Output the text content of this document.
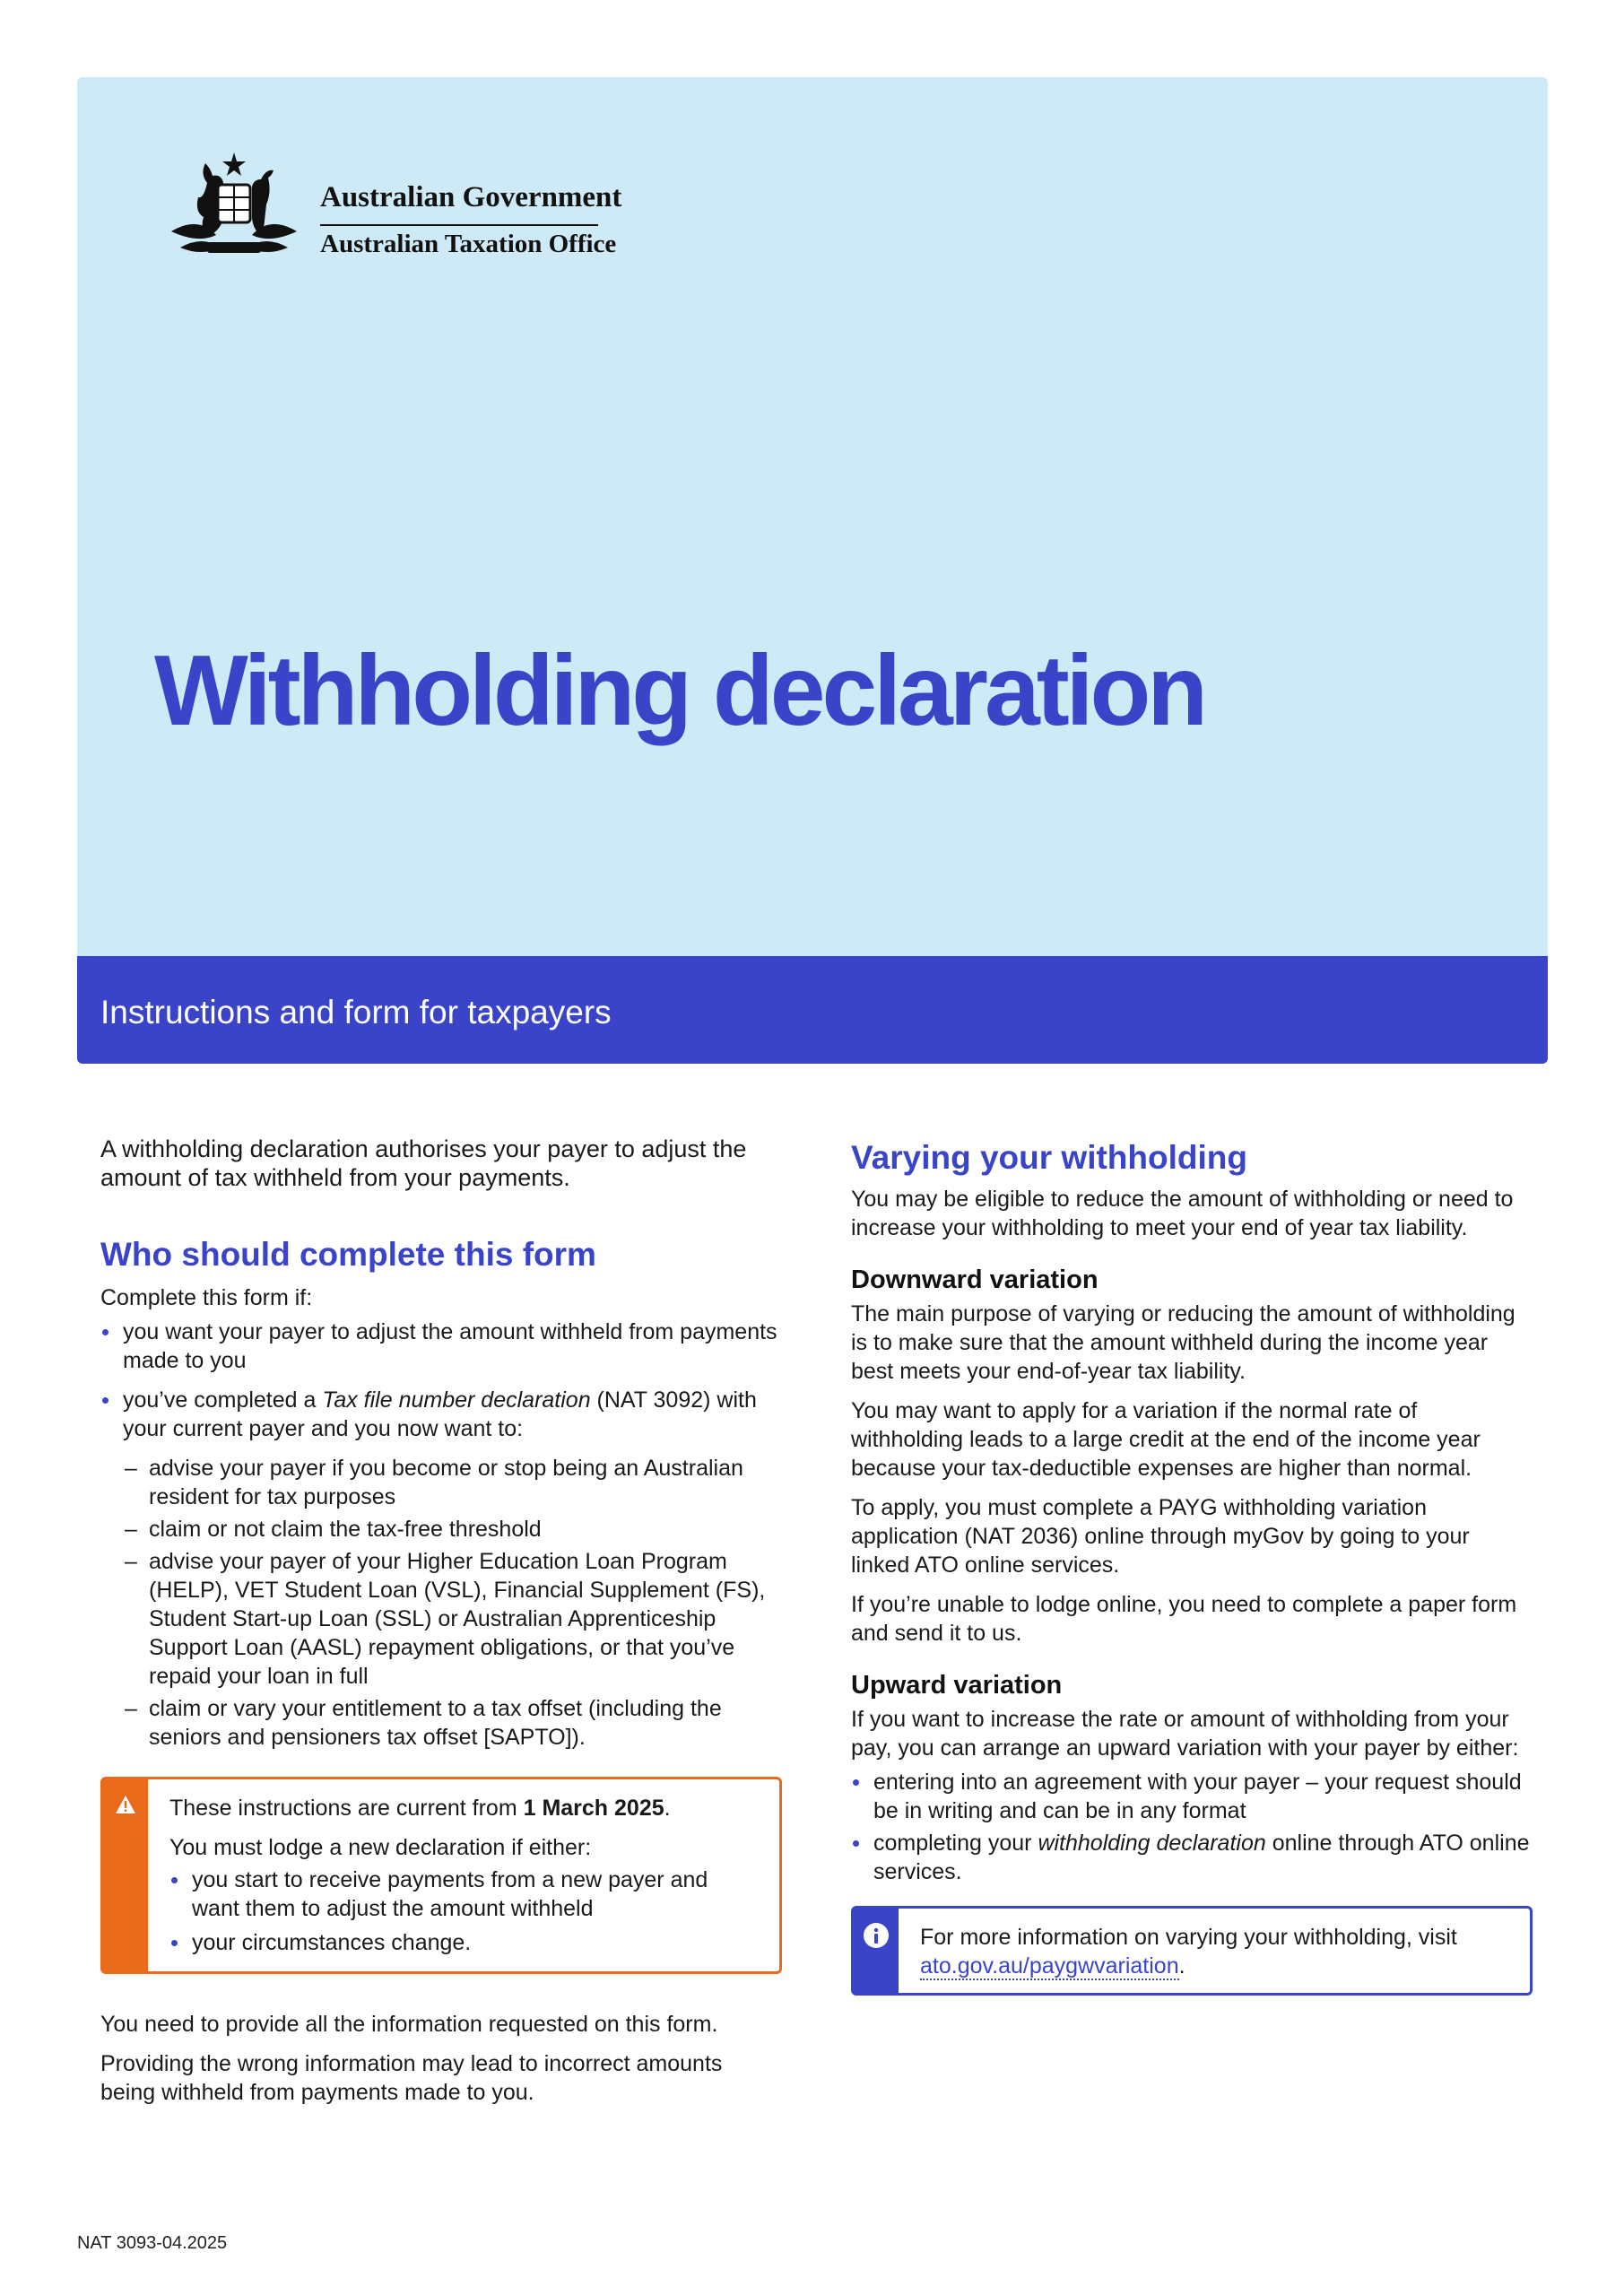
Australian Government
Australian Taxation Office
Withholding declaration

Instructions and form for taxpayers

A withholding declaration authorises your payer to adjust the amount of tax withheld from your payments.

Who should complete this form

Complete this form if:

you want your payer to adjust the amount withheld from payments made to you
you’ve completed a Tax file number declaration (NAT 3092) with your current payer and you now want to:
– advise your payer if you become or stop being an Australian resident for tax purposes
– claim or not claim the tax-free threshold
– advise your payer of your Higher Education Loan Program (HELP), VET Student Loan (VSL), Financial Supplement (FS), Student Start-up Loan (SSL) or Australian Apprenticeship Support Loan (AASL) repayment obligations, or that you’ve repaid your loan in full
– claim or vary your entitlement to a tax offset (including the seniors and pensioners tax offset [SAPTO]).

These instructions are current from 1 March 2025.

You must lodge a new declaration if either:

you start to receive payments from a new payer and want them to adjust the amount withheld
your circumstances change.

You need to provide all the information requested on this form.

Providing the wrong information may lead to incorrect amounts being withheld from payments made to you.

Varying your withholding

You may be eligible to reduce the amount of withholding or need to increase your withholding to meet your end of year tax liability.

Downward variation

The main purpose of varying or reducing the amount of withholding is to make sure that the amount withheld during the income year best meets your end-of-year tax liability.

You may want to apply for a variation if the normal rate of withholding leads to a large credit at the end of the income year because your tax-deductible expenses are higher than normal.

To apply, you must complete a PAYG withholding variation application (NAT 2036) online through myGov by going to your linked ATO online services.

If you’re unable to lodge online, you need to complete a paper form and send it to us.

Upward variation

If you want to increase the rate or amount of withholding from your pay, you can arrange an upward variation with your payer by either:

entering into an agreement with your payer – your request should be in writing and can be in any format
completing your withholding declaration online through ATO online services.

For more information on varying your withholding, visit ato.gov.au/paygwvariation.

NAT 3093-04.2025
